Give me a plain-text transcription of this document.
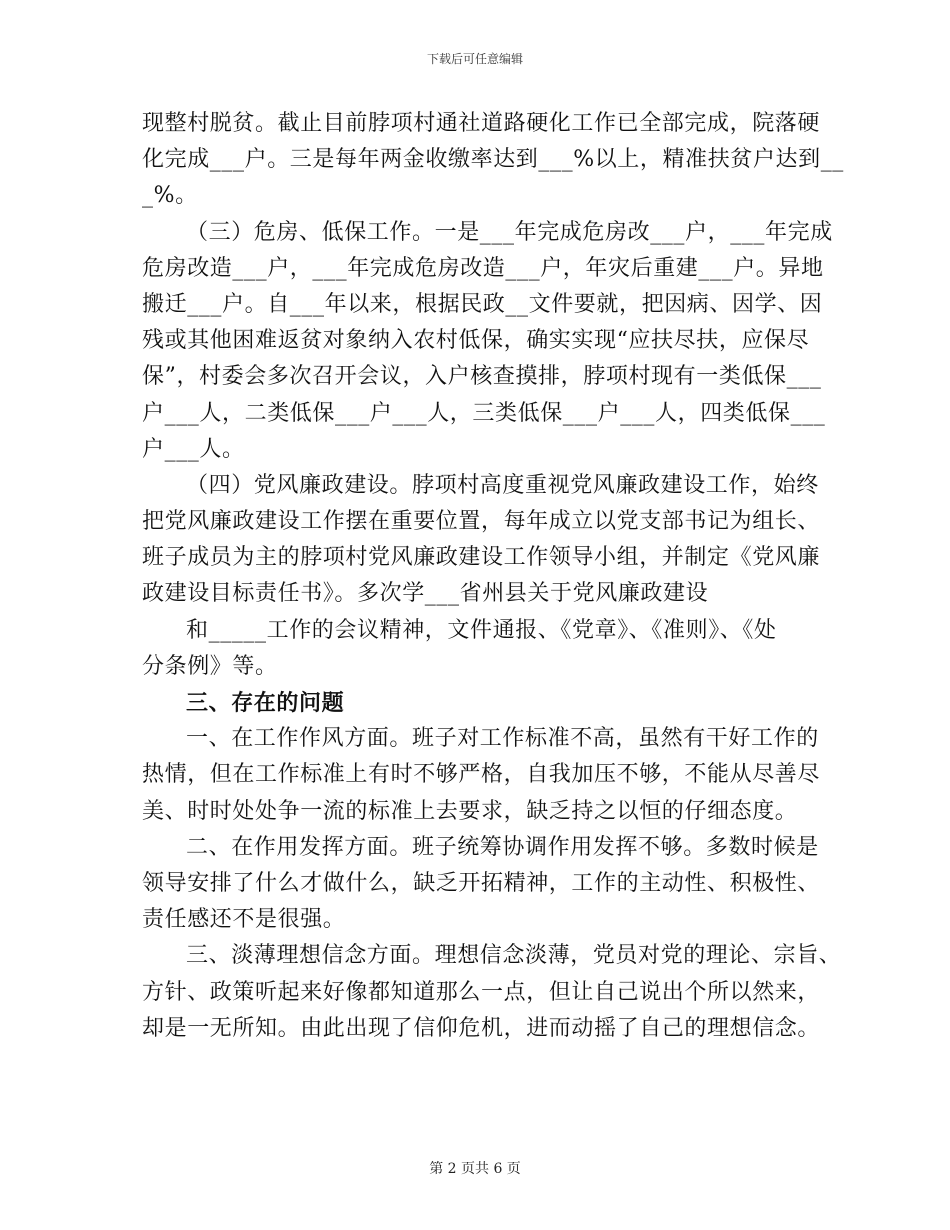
下载后可任意编辑
现整村脱贫。截止目前脖项村通社道路硬化工作已全部完成，院落硬
化完成___户。三是每年两金收缴率达到___%以上，精准扶贫户达到__
_%。
（三）危房、低保工作。一是___年完成危房改___户，___年完成
危房改造___户，___年完成危房改造___户，年灾后重建___户。异地
搬迁___户。自___年以来，根据民政__文件要就，把因病、因学、因
残或其他困难返贫对象纳入农村低保，确实实现“应扶尽扶，应保尽
保”，村委会多次召开会议，入户核查摸排，脖项村现有一类低保___
户___人，二类低保___户___人，三类低保___户___人，四类低保___
户___人。
（四）党风廉政建设。脖项村高度重视党风廉政建设工作，始终
把党风廉政建设工作摆在重要位置，每年成立以党支部书记为组长、
班子成员为主的脖项村党风廉政建设工作领导小组，并制定《党风廉
政建设目标责任书》。多次学___省州县关于党风廉政建设
和_____工作的会议精神，文件通报、《党章》、《准则》、《处
分条例》等。
三、存在的问题
一、在工作作风方面。班子对工作标准不高，虽然有干好工作的
热情，但在工作标准上有时不够严格，自我加压不够，不能从尽善尽
美、时时处处争一流的标准上去要求，缺乏持之以恒的仔细态度。
二、在作用发挥方面。班子统筹协调作用发挥不够。多数时候是
领导安排了什么才做什么，缺乏开拓精神，工作的主动性、积极性、
责任感还不是很强。
三、淡薄理想信念方面。理想信念淡薄，党员对党的理论、宗旨、
方针、政策听起来好像都知道那么一点，但让自己说出个所以然来，
却是一无所知。由此出现了信仰危机，进而动摇了自己的理想信念。
第 2 页共 6 页
